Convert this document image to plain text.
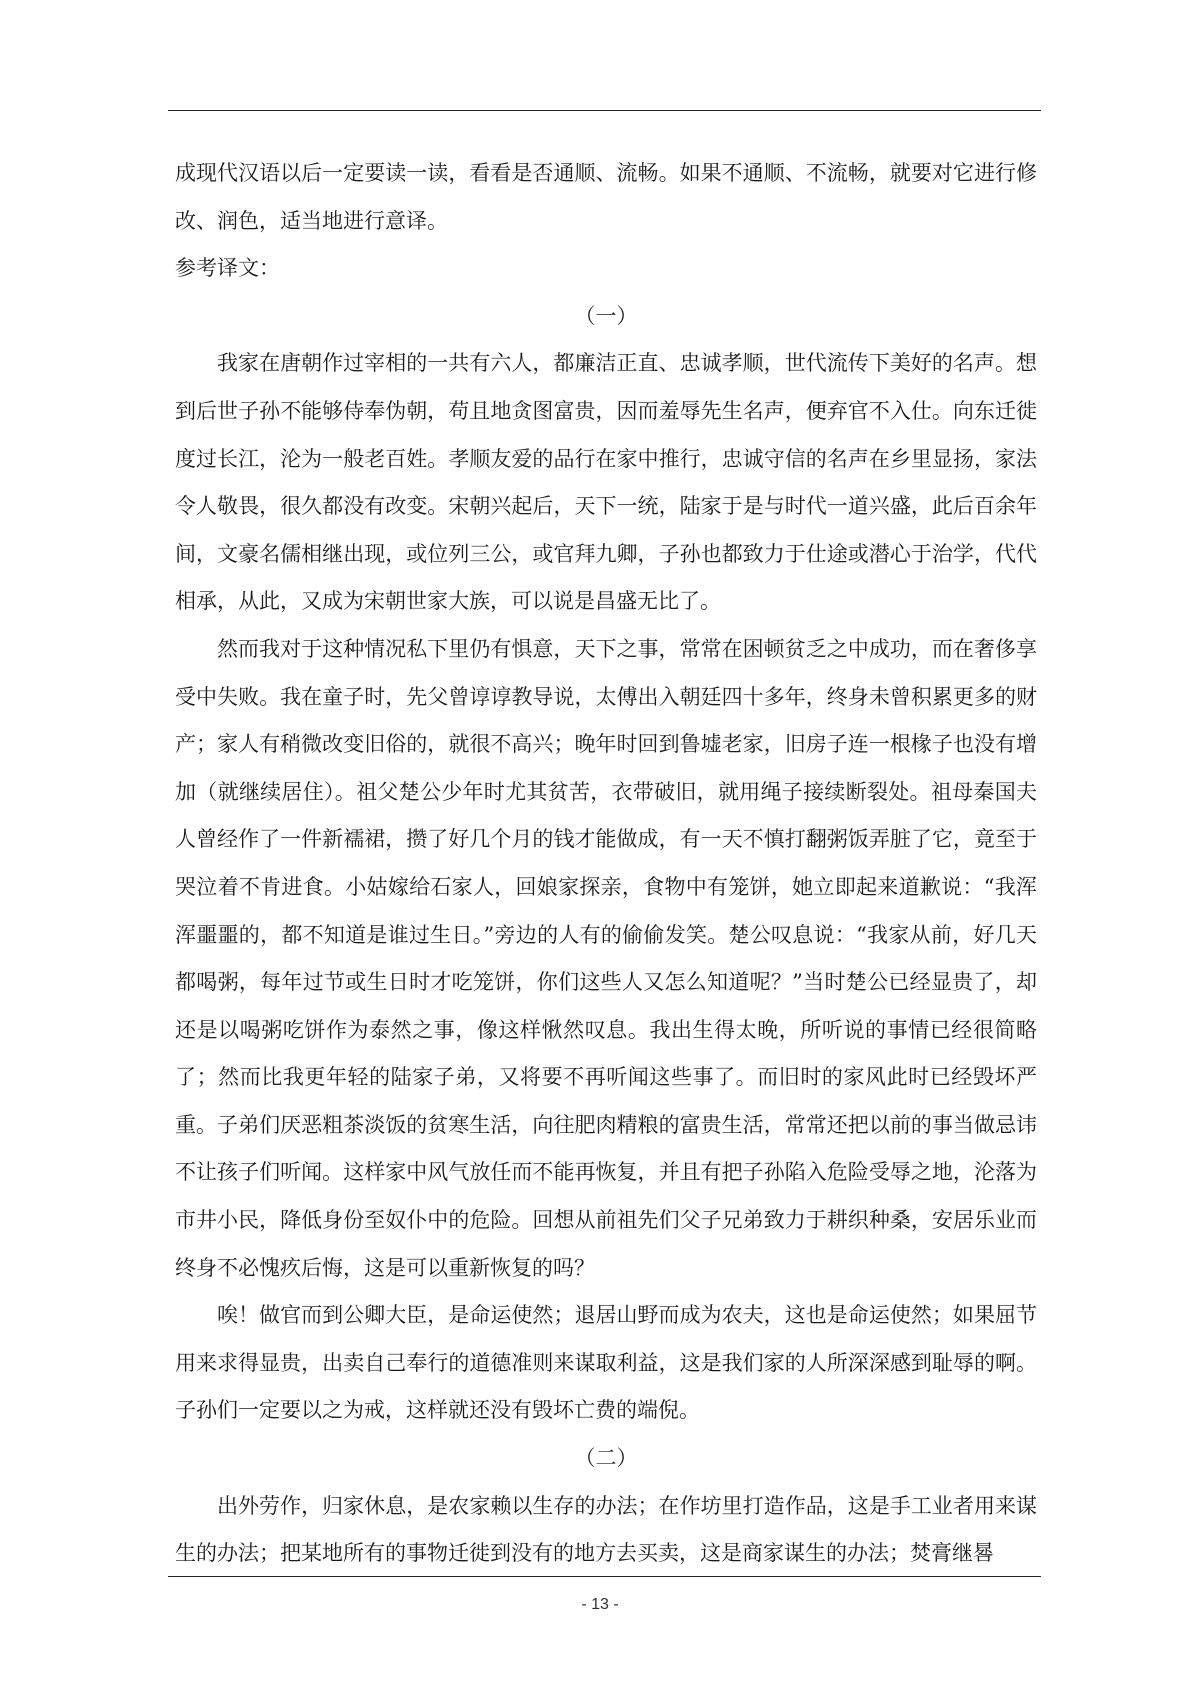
成现代汉语以后一定要读一读，看看是否通顺、流畅。如果不通顺、不流畅，就要对它进行修改、润色，适当地进行意译。

参考译文：

（一）

我家在唐朝作过宰相的一共有六人，都廉洁正直、忠诚孝顺，世代流传下美好的名声。想到后世子孙不能够侍奉伪朝，苟且地贪图富贵，因而羞辱先生名声，便弃官不入仕。向东迁徙度过长江，沦为一般老百姓。孝顺友爱的品行在家中推行，忠诚守信的名声在乡里显扬，家法令人敬畏，很久都没有改变。宋朝兴起后，天下一统，陆家于是与时代一道兴盛，此后百余年间，文豪名儒相继出现，或位列三公，或官拜九卿，子孙也都致力于仕途或潜心于治学，代代相承，从此，又成为宋朝世家大族，可以说是昌盛无比了。

然而我对于这种情况私下里仍有惧意，天下之事，常常在困顿贫乏之中成功，而在奢侈享受中失败。我在童子时，先父曾谆谆教导说，太傅出入朝廷四十多年，终身未曾积累更多的财产；家人有稍微改变旧俗的，就很不高兴；晚年时回到鲁墟老家，旧房子连一根椽子也没有增加（就继续居住）。祖父楚公少年时尤其贫苦，衣带破旧，就用绳子接续断裂处。祖母秦国夫人曾经作了一件新襦裙，攒了好几个月的钱才能做成，有一天不慎打翻粥饭弄脏了它，竟至于哭泣着不肯进食。小姑嫁给石家人，回娘家探亲，食物中有笼饼，她立即起来道歉说：“我浑浑噩噩的，都不知道是谁过生日。”旁边的人有的偷偷发笑。楚公叹息说：“我家从前，好几天都喝粥，每年过节或生日时才吃笼饼，你们这些人又怎么知道呢？”当时楚公已经显贵了，却还是以喝粥吃饼作为泰然之事，像这样愀然叹息。我出生得太晚，所听说的事情已经很简略了；然而比我更年轻的陆家子弟，又将要不再听闻这些事了。而旧时的家风此时已经毁坏严重。子弟们厌恶粗茶淡饭的贫寒生活，向往肥肉精粮的富贵生活，常常还把以前的事当做忌讳不让孩子们听闻。这样家中风气放任而不能再恢复，并且有把子孙陷入危险受辱之地，沦落为市井小民，降低身份至奴仆中的危险。回想从前祖先们父子兄弟致力于耕织种桑，安居乐业而终身不必愧疚后悔，这是可以重新恢复的吗？

唉！做官而到公卿大臣，是命运使然；退居山野而成为农夫，这也是命运使然；如果屈节用来求得显贵，出卖自己奉行的道德准则来谋取利益，这是我们家的人所深深感到耻辱的啊。子孙们一定要以之为戒，这样就还没有毁坏亡费的端倪。

（二）

出外劳作，归家休息，是农家赖以生存的办法；在作坊里打造作品，这是手工业者用来谋生的办法；把某地所有的事物迁徙到没有的地方去买卖，这是商家谋生的办法；焚膏继晷

- 13 -
